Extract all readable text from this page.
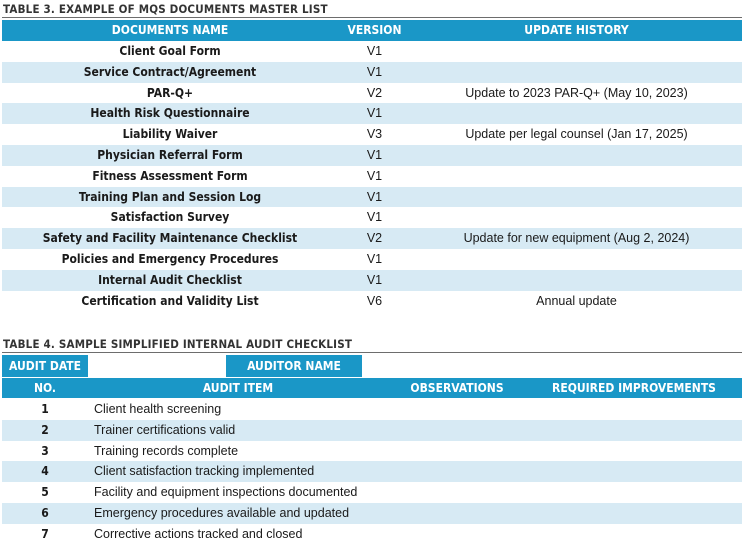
TABLE 3. EXAMPLE OF MQS DOCUMENTS MASTER LIST
DOCUMENTS NAME	VERSION	UPDATE HISTORY
Client Goal Form	V1
Service Contract/Agreement	V1
PAR-Q+	V2	Update to 2023 PAR-Q+ (May 10, 2023)
Health Risk Questionnaire	V1
Liability Waiver	V3	Update per legal counsel (Jan 17, 2025)
Physician Referral Form	V1
Fitness Assessment Form	V1
Training Plan and Session Log	V1
Satisfaction Survey	V1
Safety and Facility Maintenance Checklist	V2	Update for new equipment (Aug 2, 2024)
Policies and Emergency Procedures	V1
Internal Audit Checklist	V1
Certification and Validity List	V6	Annual update
TABLE 4. SAMPLE SIMPLIFIED INTERNAL AUDIT CHECKLIST
AUDIT DATE	AUDITOR NAME
NO.	AUDIT ITEM	OBSERVATIONS	REQUIRED IMPROVEMENTS
1	Client health screening
2	Trainer certifications valid
3	Training records complete
4	Client satisfaction tracking implemented
5	Facility and equipment inspections documented
6	Emergency procedures available and updated
7	Corrective actions tracked and closed
